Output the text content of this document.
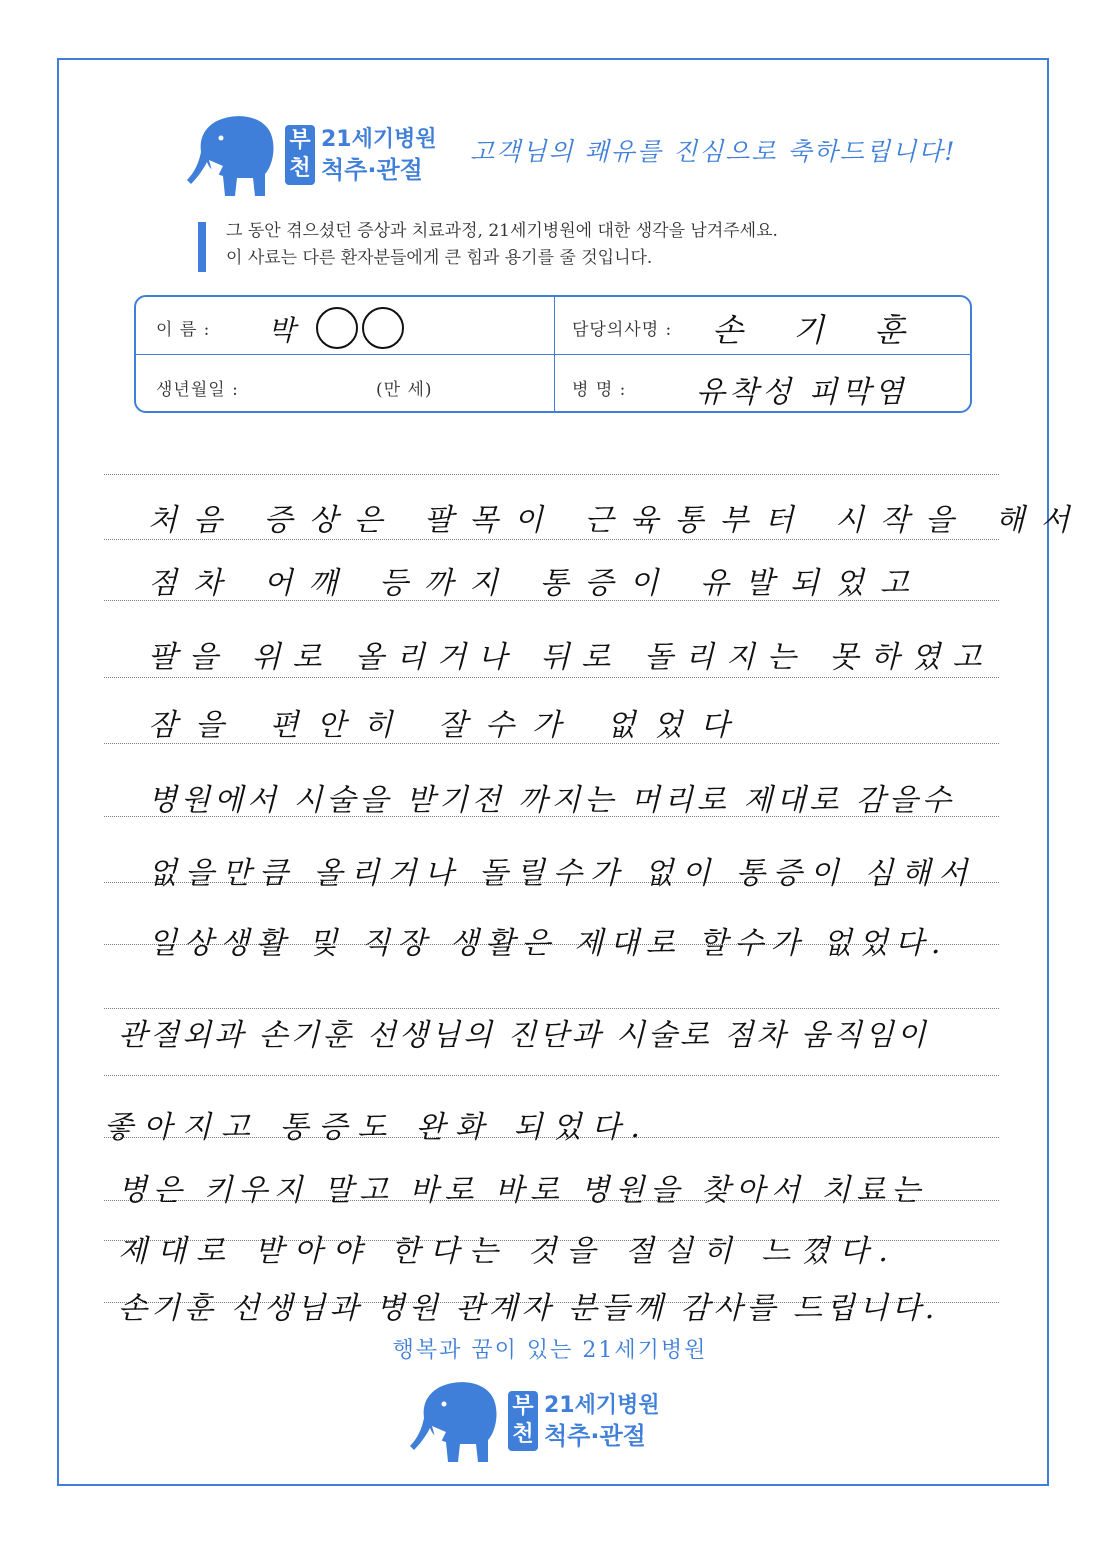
부
천
21세기병원
척추·관절
고객님의 쾌유를 진심으로 축하드립니다!
그 동안 겪으셨던 증상과 치료과정, 21세기병원에 대한 생각을 남겨주세요.
이 사료는 다른 환자분들에게 큰 힘과 용기를 줄 것입니다.
이 름 : 박	담당의사명 : 손 기 훈
생년월일 :	(만 세)	병 명 : 유착성 피막염
처음 증상은 팔목이 근육통부터 시작을 해서
점차 어깨 등까지 통증이 유발되었고
팔을 위로 올리거나 뒤로 돌리지는 못하였고
잠을 편안히 잘수가 없었다
병원에서 시술을 받기전 까지는 머리로 제대로 감을수
없을만큼 올리거나 돌릴수가 없이 통증이 심해서
일상생활 및 직장 생활은 제대로 할수가 없었다.
관절외과 손기훈 선생님의 진단과 시술로 점차 움직임이
좋아지고 통증도 완화 되었다.
병은 키우지 말고 바로 바로 병원을 찾아서 치료는
제대로 받아야 한다는 것을 절실히 느꼈다.
손기훈 선생님과 병원 관계자 분들께 감사를 드립니다.
행복과 꿈이 있는 21세기병원
부
천
21세기병원
척추·관절
